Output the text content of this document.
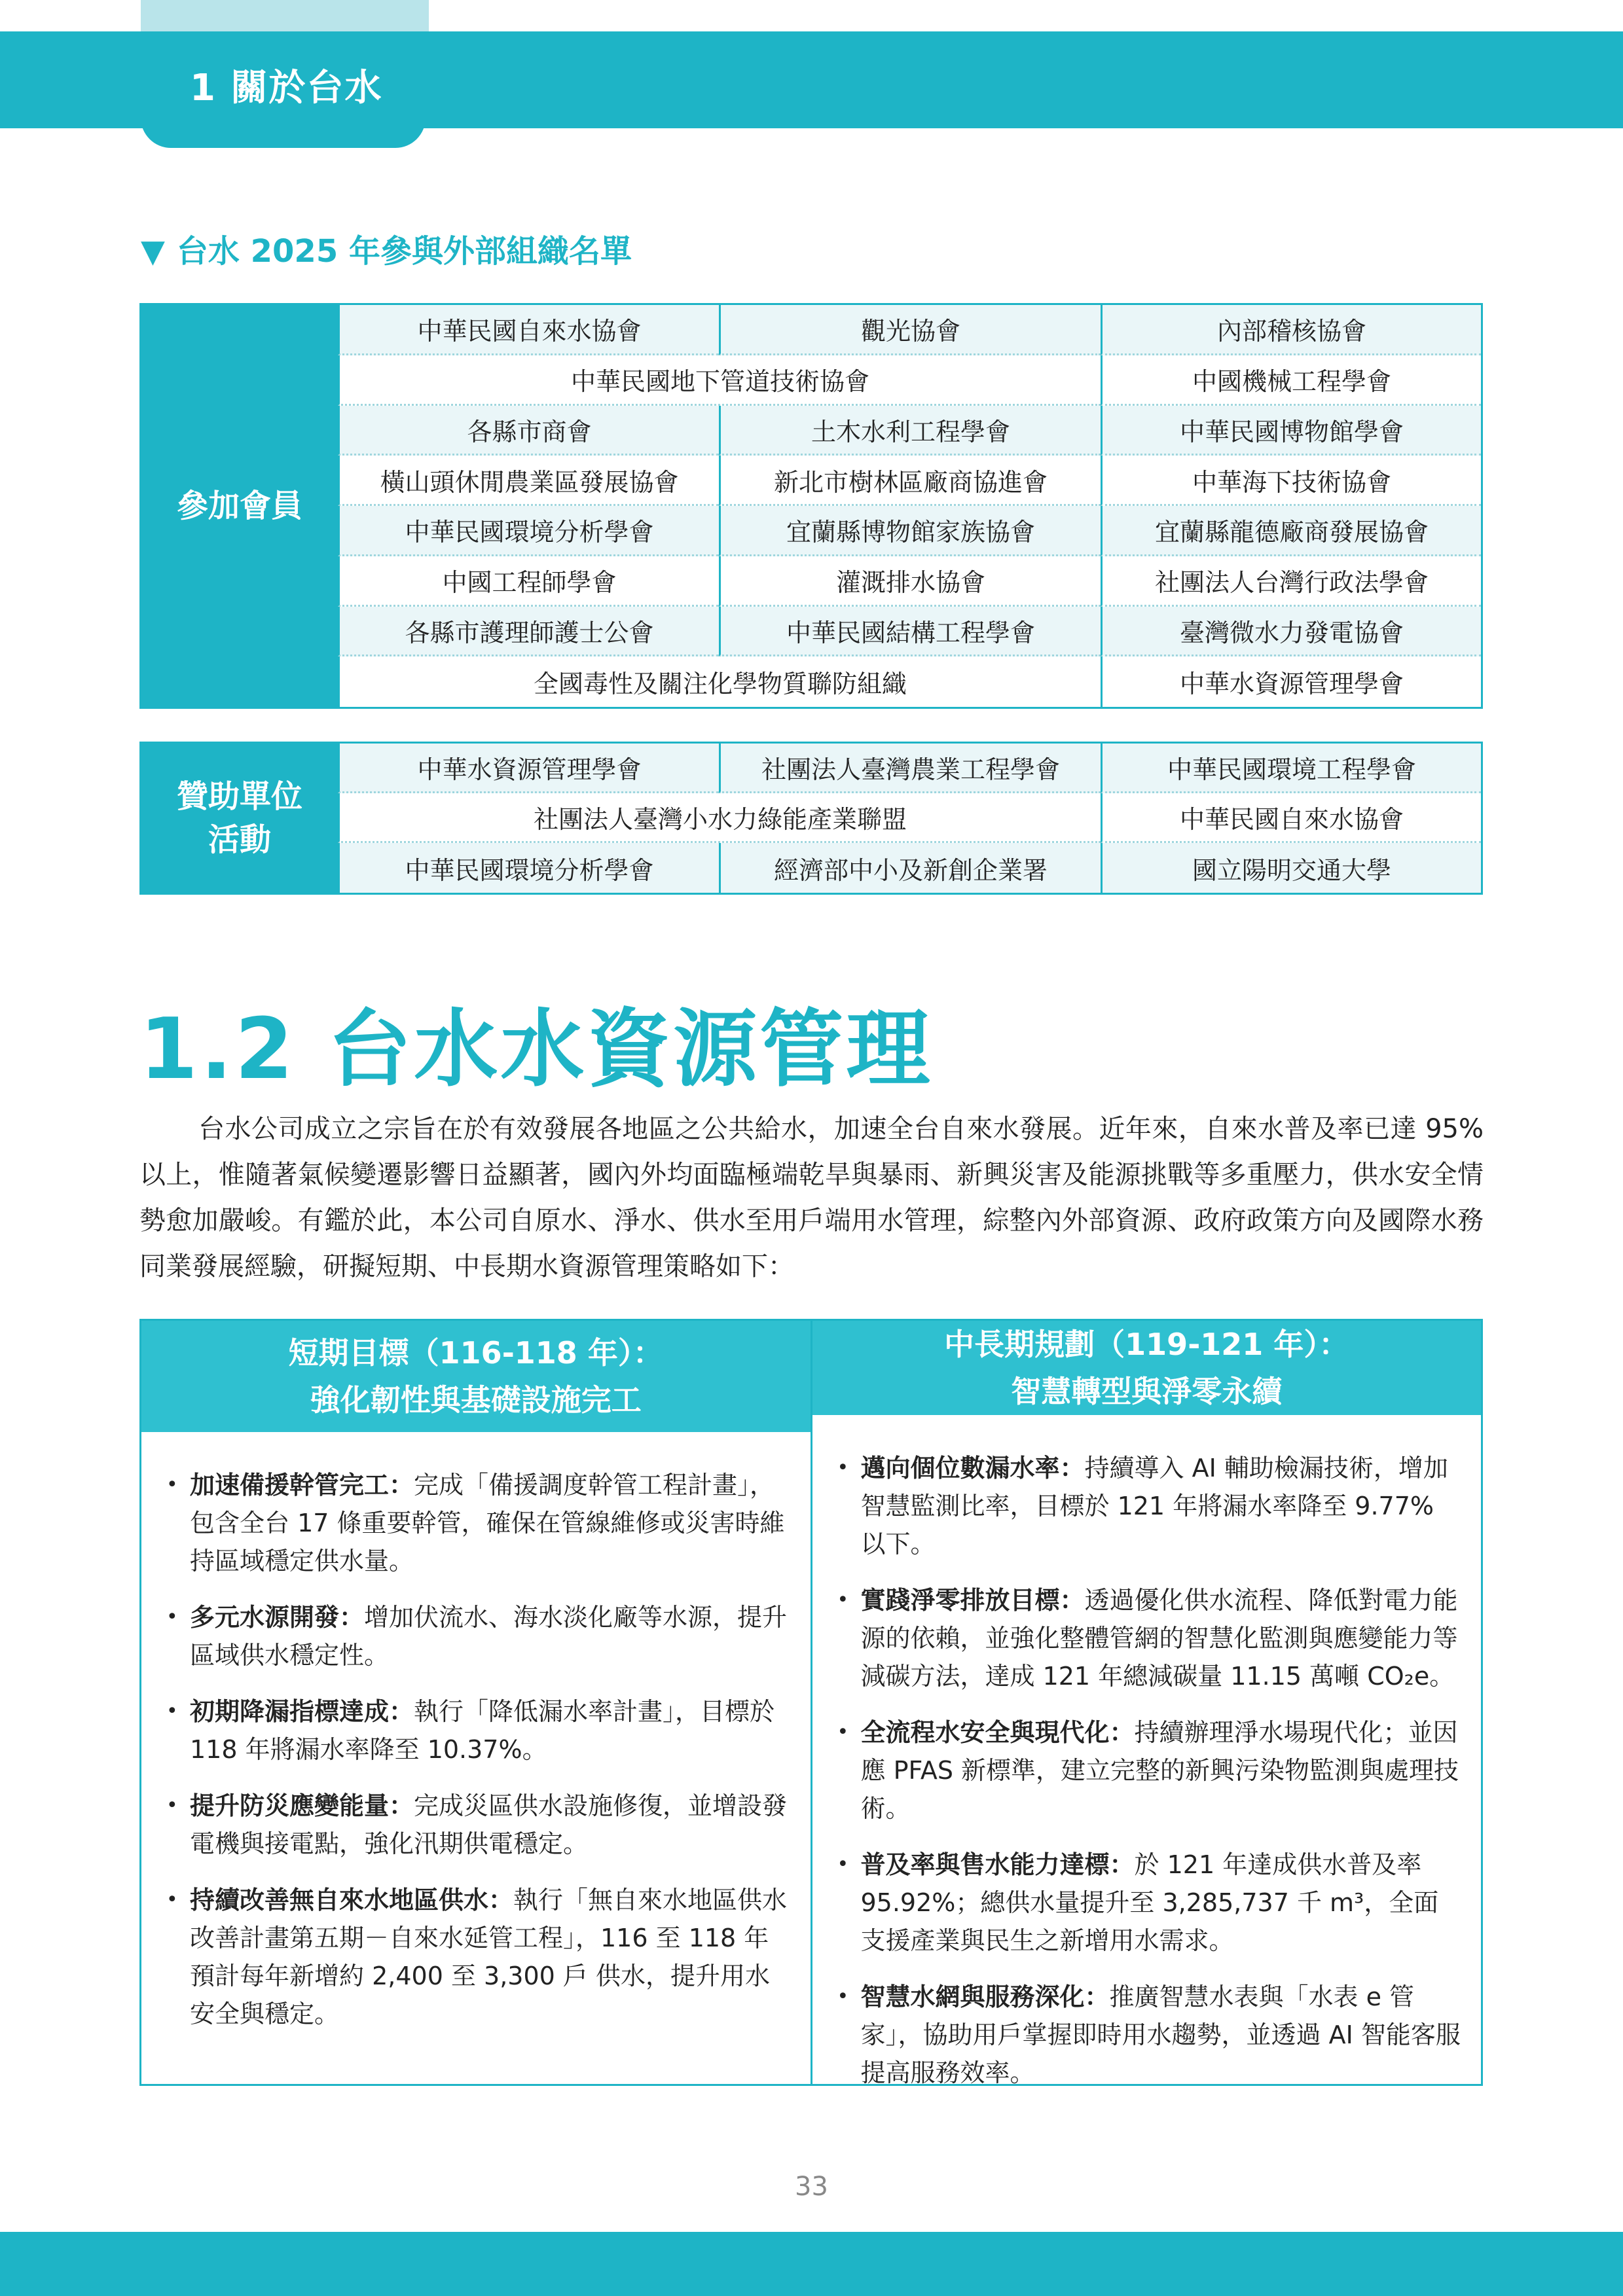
1 關於台水
▼ 台水 2025 年參與外部組織名單
參加會員
中華民國自來水協會	觀光協會	內部稽核協會
中華民國地下管道技術協會	中國機械工程學會
各縣市商會	土木水利工程學會	中華民國博物館學會
橫山頭休閒農業區發展協會	新北市樹林區廠商協進會	中華海下技術協會
中華民國環境分析學會	宜蘭縣博物館家族協會	宜蘭縣龍德廠商發展協會
中國工程師學會	灌溉排水協會	社團法人台灣行政法學會
各縣市護理師護士公會	中華民國結構工程學會	臺灣微水力發電協會
全國毒性及關注化學物質聯防組織	中華水資源管理學會
贊助單位
活動
中華水資源管理學會	社團法人臺灣農業工程學會	中華民國環境工程學會
社團法人臺灣小水力綠能產業聯盟	中華民國自來水協會
中華民國環境分析學會	經濟部中小及新創企業署	國立陽明交通大學
1.2 台水水資源管理

台水公司成立之宗旨在於有效發展各地區之公共給水，加速全台自來水發展。近年來，自來水普及率已達 95% 以上，惟隨著氣候變遷影響日益顯著，國內外均面臨極端乾旱與暴雨、新興災害及能源挑戰等多重壓力，供水安全情勢愈加嚴峻。有鑑於此，本公司自原水、淨水、供水至用戶端用水管理，綜整內外部資源、政府政策方向及國際水務同業發展經驗，研擬短期、中長期水資源管理策略如下：

短期目標（116-118 年）：
強化韌性與基礎設施完工
• 加速備援幹管完工：完成「備援調度幹管工程計畫」，包含全台 17 條重要幹管，確保在管線維修或災害時維持區域穩定供水量。
• 多元水源開發：增加伏流水、海水淡化廠等水源，提升區域供水穩定性。
• 初期降漏指標達成：執行「降低漏水率計畫」，目標於 118 年將漏水率降至 10.37%。
• 提升防災應變能量：完成災區供水設施修復，並增設發電機與接電點，強化汛期供電穩定。
• 持續改善無自來水地區供水：執行「無自來水地區供水改善計畫第五期－自來水延管工程」，116 至 118 年預計每年新增約 2,400 至 3,300 戶 供水，提升用水安全與穩定。
中長期規劃（119-121 年）：
智慧轉型與淨零永續
• 邁向個位數漏水率：持續導入 AI 輔助檢漏技術，增加智慧監測比率，目標於 121 年將漏水率降至 9.77% 以下。
• 實踐淨零排放目標：透過優化供水流程、降低對電力能源的依賴，並強化整體管網的智慧化監測與應變能力等減碳方法，達成 121 年總減碳量 11.15 萬噸 CO₂e。
• 全流程水安全與現代化：持續辦理淨水場現代化；並因應 PFAS 新標準，建立完整的新興污染物監測與處理技術。
• 普及率與售水能力達標：於 121 年達成供水普及率 95.92%；總供水量提升至 3,285,737 千 m³，全面支援產業與民生之新增用水需求。
• 智慧水網與服務深化：推廣智慧水表與「水表 e 管家」，協助用戶掌握即時用水趨勢，並透過 AI 智能客服提高服務效率。
33
